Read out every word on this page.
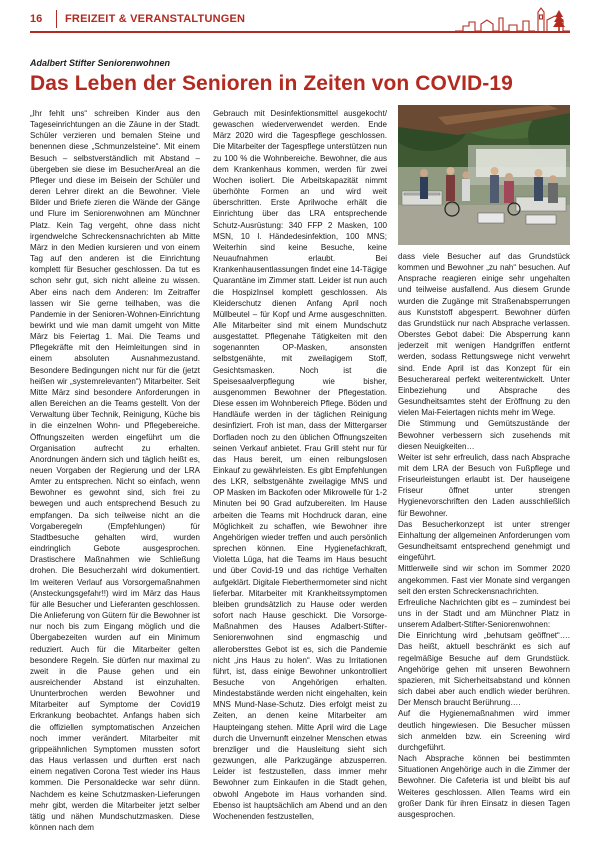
16 FREIZEIT & VERANSTALTUNGEN
Adalbert Stifter Seniorenwohnen
Das Leben der Senioren in Zeiten von COVID-19

„Ihr fehlt uns“ schreiben Kinder aus den Tageseinrichtungen an die Zäune in der Stadt. Schüler verzieren und bemalen Steine und benennen diese „Schmunzelsteine“. Mit einem Besuch – selbstverständlich mit Abstand – übergeben sie diese im BesucherAreal an die Pfleger und diese im Beisein der Schüler und deren Lehrer direkt an die Bewohner. Viele Bilder und Briefe zieren die Wände der Gänge und Flure im Seniorenwohnen am Münchner Platz. Kein Tag vergeht, ohne dass nicht irgendwelche Schreckensnachrichten ab Mitte März in den Medien kursieren und von einem Tag auf den anderen ist die Einrichtung komplett für Besucher geschlossen. Da tut es schon sehr gut, sich nicht alleine zu wissen. Aber eins nach dem Anderen: Im Zeitraffer lassen wir Sie gerne teilhaben, was die Pandemie in der Senioren-Wohnen-Einrichtung bewirkt und wie man damit umgeht von Mitte März bis Feiertag 1. Mai. Die Teams und Pflegekräfte mit den Heimleitungen sind in einem absoluten Ausnahmezustand. Besondere Bedingungen nicht nur für die (jetzt heißen wir „systemrelevanten“) Mitarbeiter. Seit Mitte März sind besondere Anforderungen in allen Bereichen an die Teams gestellt. Von der Verwaltung über Technik, Reinigung, Küche bis in die einzelnen Wohn- und Pflegebereiche. Öffnungszeiten werden eingeführt um die Organisation aufrecht zu erhalten. Anordnungen ändern sich und täglich heißt es, neuen Vorgaben der Regierung und der LRA Amter zu entsprechen. Nicht so einfach, wenn Bewohner es gewohnt sind, sich frei zu bewegen und auch entsprechend Besuch zu empfangen. Da sich teilweise nicht an die Vorgaberegeln (Empfehlungen) für Stadtbesuche gehalten wird, wurden eindringlich Gebote ausgesprochen. Drastischere Maßnahmen wie Schließung drohen. Die Besucherzahl wird dokumentiert. Im weiteren Verlauf aus Vorsorgemaßnahmen (Ansteckungsgefahr!!) wird im März das Haus für alle Besucher und Lieferanten geschlossen. Die Anlieferung von Gütern für die Bewohner ist nur noch bis zum Eingang möglich und die Übergabezeiten wurden auf ein Minimum reduziert. Auch für die Mitarbeiter gelten besondere Regeln. Sie dürfen nur maximal zu zweit in die Pause gehen und ein ausreichender Abstand ist einzuhalten. Ununterbrochen werden Bewohner und Mitarbeiter auf Symptome der Covid19 Erkrankung beobachtet. Anfangs haben sich die offiziellen symptomatischen Anzeichen noch immer verändert. Mitarbeiter mit grippeähnlichen Symptomen mussten sofort das Haus verlassen und durften erst nach einem negativen Corona Test wieder ins Haus kommen. Die Personaldecke war sehr dünn. Nachdem es keine Schutzmasken-Lieferungen mehr gibt, werden die Mitarbeiter jetzt selber tätig und nähen Mundschutzmasken. Diese können nach dem

Gebrauch mit Desinfektionsmittel ausgekocht/ gewaschen wiederverwendet werden. Ende März 2020 wird die Tagespflege geschlossen. Die Mitarbeiter der Tagespflege unterstützen nun zu 100 % die Wohnbereiche. Bewohner, die aus dem Krankenhaus kommen, werden für zwei Wochen isoliert. Die Arbeitskapazität nimmt überhöhte Formen an und wird weit überschritten. Erste Aprilwoche erhält die Einrichtung über das LRA entsprechende Schutz-Ausrüstung: 340 FFP 2 Masken, 100 MSN, 10 l. Händedesinfektion, 100 MNS; Weiterhin sind keine Besuche, keine Neuaufnahmen erlaubt. Bei Krankenhausentlassungen findet eine 14-Tägige Quarantäne im Zimmer statt. Leider ist nun auch die HospizInsel komplett geschlossen. Als Kleiderschutz dienen Anfang April noch Müllbeutel – für Kopf und Arme ausgeschnitten. Alle Mitarbeiter sind mit einem Mundschutz ausgestattet. Pflegenahe Tätigkeiten mit den sogenannten OP-Masken, ansonsten selbstgenähte, mit zweilagigem Stoff, Gesichtsmasken. Noch ist die Speisesaalverpflegung wie bisher, ausgenommen Bewohner der Pflegestation. Diese essen im Wohnbereich Pflege. Böden und Handläufe werden in der täglichen Reinigung desinfiziert. Froh ist man, dass der Mittergarser Dorfladen noch zu den üblichen Öffnungszeiten seinen Verkauf anbietet. Frau Grill steht nur für das Haus bereit, um einen reibungslosen Einkauf zu gewährleisten. Es gibt Empfehlungen des LKR, selbstgenähte zweilagige MNS und OP Masken im Backofen oder Mikrowelle für 1-2 Minuten bei 90 Grad aufzubereiten. Im Hause arbeiten die Teams mit Hochdruck daran, eine Möglichkeit zu schaffen, wie Bewohner ihre Angehörigen wieder treffen und auch persönlich sprechen können. Eine Hygienefachkraft, Violetta Lüga, hat die Teams im Haus besucht und über Covid-19 und das richtige Verhalten aufgeklärt. Digitale Fieberthermometer sind nicht lieferbar. Mitarbeiter mit Krankheitssymptomen bleiben grundsätzlich zu Hause oder werden sofort nach Hause geschickt. Die Vorsorge-Maßnahmen des Hauses Adalbert-Stifter-Seniorenwohnen sind engmaschig und allerobersttes Gebot ist es, sich die Pandemie nicht „ins Haus zu holen“. Was zu Irritationen führt, ist, dass einige Bewohner unkontrolliert Besuche von Angehörigen erhalten. Mindestabstände werden nicht eingehalten, kein MNS Mund-Nase-Schutz. Dies erfolgt meist zu Zeiten, an denen keine Mitarbeiter am Haupteingang stehen. Mitte April wird die Lage durch die Unvernunft einzelner Menschen etwas brenzliger und die Hausleitung sieht sich gezwungen, alle Parkzugänge abzusperren. Leider ist festzustellen, dass immer mehr Bewohner zum Einkaufen in die Stadt gehen, obwohl Angebote im Haus vorhanden sind. Ebenso ist hauptsächlich am Abend und an den Wochenenden festzustellen,

dass viele Besucher auf das Grundstück kommen und Bewohner „zu nah“ besuchen. Auf Ansprache reagieren einige sehr ungehalten und teilweise ausfallend. Aus diesem Grunde wurden die Zugänge mit Straßenabsperrungen aus Kunststoff abgesperrt. Bewohner dürfen das Grundstück nur nach Absprache verlassen. Oberstes Gebot dabei: Die Absperrung kann jederzeit mit wenigen Handgriffen entfernt werden, sodass Rettungswege nicht verwehrt sind. Ende April ist das Konzept für ein Besucherareal perfekt weiterentwickelt. Unter Einbeziehung und Absprache des Gesundheitsamtes steht der Eröffnung zu den vielen Mai-Feiertagen nichts mehr im Wege.

Die Stimmung und Gemütszustände der Bewohner verbessern sich zusehends mit diesen Neuigkeiten…

Weiter ist sehr erfreulich, dass nach Absprache mit dem LRA der Besuch von Fußpflege und Friseurleistungen erlaubt ist. Der hauseigene Friseur öffnet unter strengen Hygienevorschriften den Laden ausschließlich für Bewohner.

Das Besucherkonzept ist unter strenger Einhaltung der allgemeinen Anforderungen vom Gesundheitsamt entsprechend genehmigt und eingeführt.

Mittlerweile sind wir schon im Sommer 2020 angekommen. Fast vier Monate sind vergangen seit den ersten Schreckensnachrichten.

Erfreuliche Nachrichten gibt es – zumindest bei uns in der Stadt und am Münchner Platz in unserem Adalbert-Stifter-Seniorenwohnen:

Die Einrichtung wird „behutsam geöffnet“…. Das heißt, aktuell beschränkt es sich auf regelmäßige Besuche auf dem Grundstück. Angehörige gehen mit unseren Bewohnern spazieren, mit Sicherheitsabstand und können sich dabei aber auch endlich wieder berühren. Der Mensch braucht Berührung….

Auf die Hygienemaßnahmen wird immer deutlich hingewiesen. Die Besucher müssen sich anmelden bzw. ein Screening wird durchgeführt.

Nach Absprache können bei bestimmten Situationen Angehörige auch in die Zimmer der Bewohner. Die Cafeteria ist und bleibt bis auf Weiteres geschlossen. Allen Teams wird ein großer Dank für ihren Einsatz in diesen Tagen ausgesprochen.
